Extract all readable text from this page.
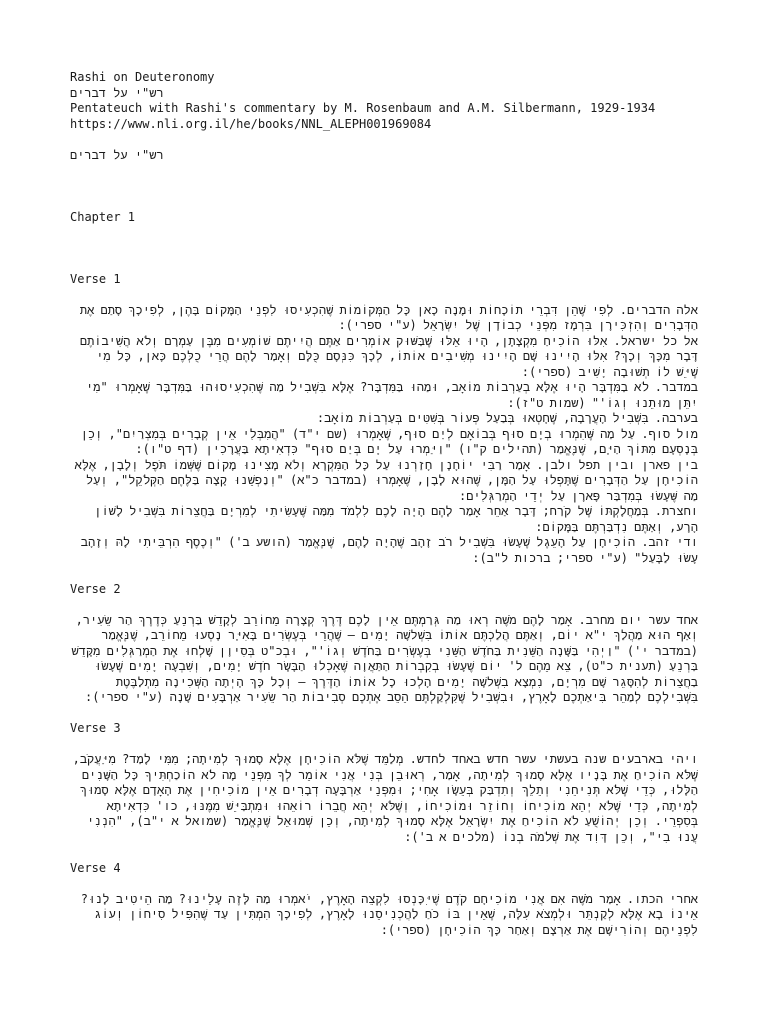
Rashi on Deuteronomy
רש"י על דברים
Pentateuch with Rashi's commentary by M. Rosenbaum and A.M. Silbermann, 1929-1934
https://www.nli.org.il/he/books/NNL_ALEPH001969084
רש"י על דברים
Chapter 1
Verse 1

אלה הדברים. לְפִי שֶׁהֵן דִּבְרֵי תוֹכָחוֹת וּמָנָה כָאן כָּל הַמְּקוֹמוֹת שֶׁהִכְעִיסוּ לִפְנֵי הַמָּקוֹם בָּהֶן, לְפִיכָךְ סָתַם אֶת הַדְּבָרִים וְהִזְכִּירָן בִּרְמָז מִפְּנֵי כְבוֹדָן שֶׁל יִשְׂרָאֵל (ע"י ספרי):

אל כל ישראל. אִלּוּ הוֹכִיחַ מִקְצָתָן, הָיוּ אֵלּוּ שֶׁבַּשּׁוּק אוֹמְרִים אַתֶּם הֲיִיתֶם שׁוֹמְעִים מִבֶּן עַמְרָם וְלֹא הֲשִׁיבוֹתֶם דָּבָר מִכָּךְ וְכָךְ? אִלּוּ הָיִינוּ שָׁם הָיִינוּ מְשִׁיבִים אוֹתוֹ, לְכָךְ כִּנְּסָם כֻּלָּם וְאָמַר לָהֶם הֲרֵי כֻלְּכֶם כָּאן, כָּל מִי שֶׁיֵּשׁ לוֹ תְשׁוּבָה יָשִׁיב (ספרי):

במדבר. לֹא בַמִּדְבָּר הָיוּ אֶלָּא בְעַרְבוֹת מוֹאָב, וּמַהוּ בַּמִּדְבָּר? אֶלָּא בִּשְׁבִיל מַה שֶּׁהִכְעִיסוּהוּ בַּמִּדְבָּר שֶׁאָמְרוּ "מִי יִתֵּן מוּתֵנוּ וְגוֹ'" (שמות ט"ז):

בערבה. בִּשְׁבִיל הָעֲרָבָה, שֶׁחָטְאוּ בְּבַעַל פְּעוֹר בְּשִׁטִּים בְּעַרְבוֹת מוֹאָב:

מול סוף. עַל מַה שֶּׁהִמְרוּ בְיָם סוּף בְּבוֹאָם לְיַם סוּף, שֶׁאָמְרוּ (שם י"ד) "הֲמִבְּלִי אֵין קְבָרִים בְּמִצְרַיִם", וְכֵן בְּנָסְעָם מִתּוֹךְ הַיָּם, שֶׁנֶּאֱמַר (תהילים ק"ו) "וַיַּמְרוּ עַל יָם בְּיַם סוּף" כִּדְאִיתָא בַּעֲרָכִין (דף ט"ו):

בין פארן ובין תפל ולבן. אָמַר רַבִּי יוֹחָנָן חָזַרְנוּ עַל כָּל הַמִּקְרָא וְלֹא מָצִינוּ מָקוֹם שֶׁשְּׁמוֹ תֹּפֶל וְלָבָן, אֶלָּא הוֹכִיחָן עַל הַדְּבָרִים שֶׁתָּפְלוּ עַל הַמָּן, שֶׁהוּא לָבָן, שֶׁאָמְרוּ (במדבר כ"א) "וְנַפְשֵׁנוּ קָצָה בַּלֶּחֶם הַקְּלֹקֵל", וְעַל מַה שֶּׁעָשׂוּ בְּמִדְבַּר פָּארָן עַל יְדֵי הַמְרַגְּלִים:

וחצרת. בְּמַחֲלָקְתּוֹ שֶׁל קֹרַח; דָּבָר אַחֵר אָמַר לָהֶם הָיָה לָכֶם לִלְמֹד מִמַּה שֶּׁעָשִׂיתִי לְמִרְיָם בַּחֲצֵרוֹת בִּשְׁבִיל לָשׁוֹן הָרָע, וְאַתֶּם נִדְבַּרְתֶּם בַּמָּקוֹם:

ודי זהב. הוֹכִיחָן עַל הָעֵגֶל שֶׁעָשׂוּ בִּשְׁבִיל רֹב זָהָב שֶׁהָיָה לָהֶם, שֶׁנֶּאֱמַר (הושע ב') "וְכֶסֶף הִרְבֵּיתִי לָהּ וְזָהָב עָשׂוּ לַבָּעַל" (ע"י ספרי; ברכות ל"ב):

Verse 2

אחד עשר יום מחרב. אָמַר לָהֶם מֹשֶׁה רְאוּ מַה גְּרַמְתֶּם אֵין לָכֶם דֶּרֶךְ קְצָרָה מֵחוֹרֵב לְקָדֵשׁ בַּרְנֵעַ כְּדֶרֶךְ הַר שֵׂעִיר, וְאַף הוּא מַהֲלַךְ י"א יוֹם, וְאַתֶּם הֲלַכְתֶּם אוֹתוֹ בִּשְׁלשָׁה יָמִים – שֶׁהֲרֵי בְּעֶשְׂרִים בָּאִיָּר נָסְעוּ מֵחוֹרֵב, שֶׁנֶּאֱמַר (במדבר י') "וַיְהִי בַּשָּׁנָה הַשֵּׁנִית בַּחֹדֶשׁ הַשֵּׁנִי בְּעֶשְׂרִים בַּחֹדֶשׁ וְגוֹ'", וּבְכ"ט בְּסִיוָן שָׁלְחוּ אֶת הַמְרַגְּלִים מִקָּדֵשׁ בַּרְנֵעַ (תענית כ"ט), צֵא מֵהֶם ל' יוֹם שֶׁעָשׂוּ בְקִבְרוֹת הַתַּאֲוָה שֶׁאָכְלוּ הַבָּשָׂר חֹדֶשׁ יָמִים, וְשִׁבְעָה יָמִים שֶׁעָשׂוּ בַחֲצֵרוֹת לְהִסָּגֵר שָׁם מִרְיָם, נִמְצָא בִשְׁלשָׁה יָמִים הָלְכוּ כָל אוֹתוֹ הַדֶּרֶךְ – וְכָל כָּךְ הָיְתָה הַשְּׁכִינָה מִתְלַבֶּטֶת בִּשְׁבִילְכֶם לְמַהֵר בִּיאַתְכֶם לָאָרֶץ, וּבִשְׁבִיל שֶׁקִּלְקַלְתֶּם הֵסֵב אֶתְכֶם סְבִיבוֹת הַר שֵׂעִיר אַרְבָּעִים שָׁנָה (ע"י ספרי):

Verse 3

ויהי בארבעים שנה בעשתי עשר חדש באחד לחדש. מְלַמֵּד שֶׁלֹּא הוֹכִיחָן אֶלָּא סָמוּךְ לְמִיתָה; מִמִּי לָמַד? מִיַּעֲקֹב, שֶׁלֹּא הוֹכִיחַ אֶת בָּנָיו אֶלָּא סָמוּךְ לְמִיתָה, אָמַר, רְאוּבֵן בְּנִי אֲנִי אוֹמֵר לְךָ מִפְּנֵי מָה לֹא הוֹכַחְתִּיךָ כָּל הַשָּׁנִים הַלָּלוּ, כְּדֵי שֶׁלֹּא תְּנִיחֵנִי וְתֵלֵךְ וְתִדְבַּק בְּעֵשָׂו אָחִי; וּמִפְּנֵי אַרְבָּעָה דְבָרִים אֵין מוֹכִיחִין אֶת הָאָדָם אֶלָּא סָמוּךְ לְמִיתָה, כְּדֵי שֶׁלֹּא יְהֵא מוֹכִיחוֹ וְחוֹזֵר וּמוֹכִיחוֹ, וְשֶׁלֹּא יְהֵא חֲבֵרוֹ רוֹאֵהוּ וּמִתְבַּיֵּשׁ מִמֶּנּוּ, כו' כִּדְאִיתָא בְּסִפְרֵי. וְכֵן יְהוֹשֻׁעַ לֹא הוֹכִיחַ אֶת יִשְׂרָאֵל אֶלָּא סָמוּךְ לְמִיתָה, וְכֵן שְׁמוּאֵל שֶׁנֶּאֱמַר (שמואל א י"ב), "הִנְנִי עֲנוּ בִי", וְכֵן דָּוִד אֶת שְׁלֹמֹה בְנוֹ (מלכים א ב'):

Verse 4

אחרי הכתו. אָמַר מֹשֶׁה אִם אֲנִי מוֹכִיחָם קֹדֶם שֶׁיִּכָּנְסוּ לִקְצֵה הָאָרֶץ, יֹאמְרוּ מַה לָּזֶה עָלֵינוּ? מַה הֵיטִיב לָנוּ? אֵינוֹ בָא אֶלָּא לְקַנְתֵּר וּלְמְצֹא עִלָּה, שֶׁאֵין בּוֹ כֹחַ לַהֲכְנִיסֵנוּ לָאָרֶץ, לְפִיכָךְ הִמְתִּין עַד שֶׁהִפִּיל סִיחוֹן וְעוֹג לִפְנֵיהֶם וְהוֹרִישָׁם אֶת אַרְצָם וְאַחַר כָּךְ הוֹכִיחָן (ספרי):
